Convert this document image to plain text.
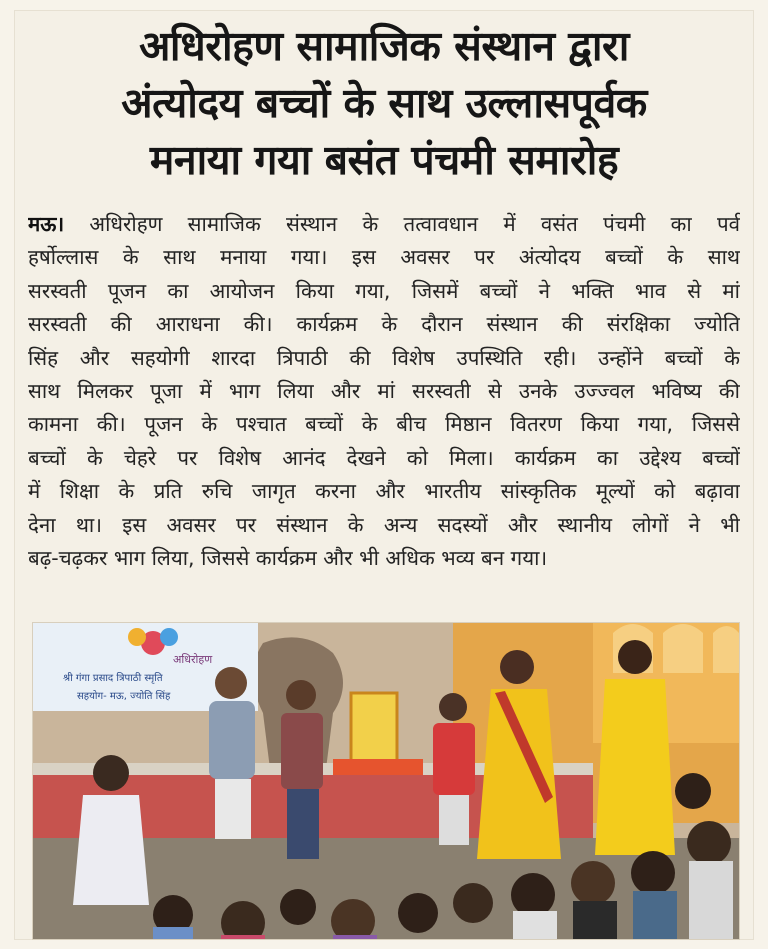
अधिरोहण सामाजिक संस्थान द्वारा
अंत्योदय बच्चों के साथ उल्लासपूर्वक
मनाया गया बसंत पंचमी समारोह
मऊ। अधिरोहण सामाजिक संस्थान के तत्वावधान में वसंत पंचमी का पर्व
हर्षोल्लास के साथ मनाया गया। इस अवसर पर अंत्योदय बच्चों के साथ
सरस्वती पूजन का आयोजन किया गया, जिसमें बच्चों ने भक्ति भाव से मां
सरस्वती की आराधना की। कार्यक्रम के दौरान संस्थान की संरक्षिका ज्योति
सिंह और सहयोगी शारदा त्रिपाठी की विशेष उपस्थिति रही। उन्होंने बच्चों के
साथ मिलकर पूजा में भाग लिया और मां सरस्वती से उनके उज्ज्वल भविष्य की
कामना की। पूजन के पश्चात बच्चों के बीच मिष्ठान वितरण किया गया, जिससे
बच्चों के चेहरे पर विशेष आनंद देखने को मिला। कार्यक्रम का उद्देश्य बच्चों
में शिक्षा के प्रति रुचि जागृत करना और भारतीय सांस्कृतिक मूल्यों को बढ़ावा
देना था। इस अवसर पर संस्थान के अन्य सदस्यों और स्थानीय लोगों ने भी
बढ़-चढ़कर भाग लिया, जिससे कार्यक्रम और भी अधिक भव्य बन गया।
अधिरोहण
श्री गंगा प्रसाद त्रिपाठी स्मृति
सहयोग- मऊ, ज्योति सिंह
